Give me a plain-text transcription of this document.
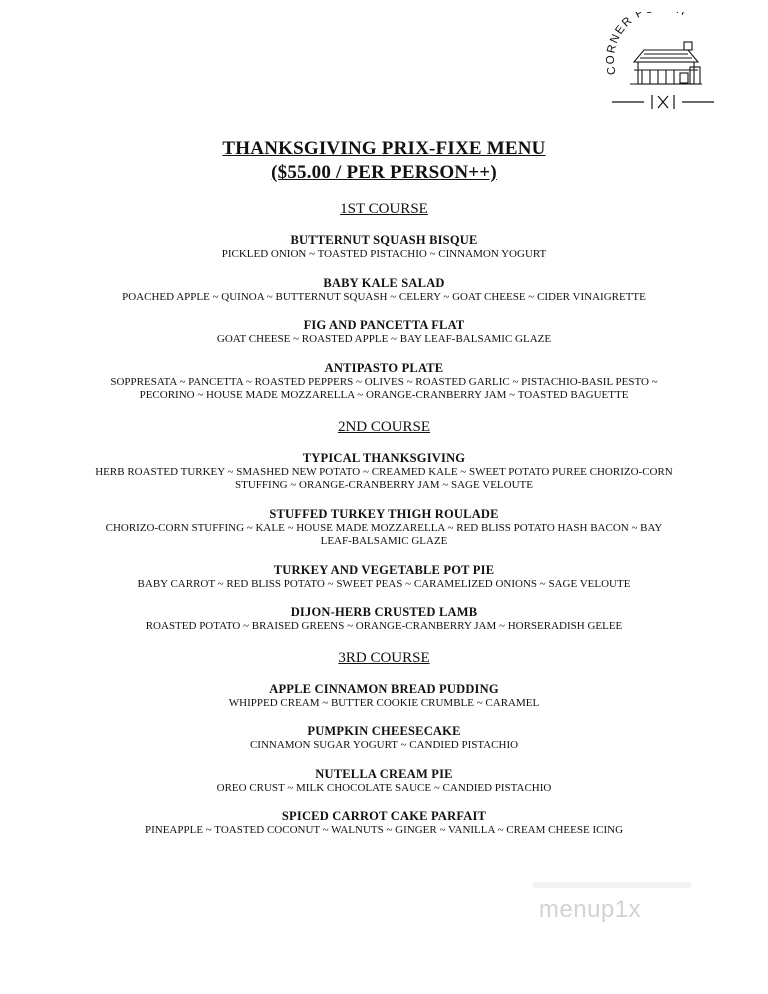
CORNER P
THANKSGIVING PRIX-FIXE MENU
($55.00 / PER PERSON++)
1ST COURSE
BUTTERNUT SQUASH BISQUE
PICKLED ONION ~ TOASTED PISTACHIO ~ CINNAMON YOGURT
BABY KALE SALAD
POACHED APPLE ~ QUINOA ~ BUTTERNUT SQUASH ~ CELERY ~ GOAT CHEESE ~ CIDER VINAIGRETTE
FIG AND PANCETTA FLAT
GOAT CHEESE ~ ROASTED APPLE ~ BAY LEAF-BALSAMIC GLAZE
ANTIPASTO PLATE
SOPPRESATA ~ PANCETTA ~ ROASTED PEPPERS ~ OLIVES ~ ROASTED GARLIC ~ PISTACHIO-BASIL PESTO ~ PECORINO ~ HOUSE MADE MOZZARELLA ~ ORANGE-CRANBERRY JAM ~ TOASTED BAGUETTE
2ND COURSE
TYPICAL THANKSGIVING
HERB ROASTED TURKEY ~ SMASHED NEW POTATO ~ CREAMED KALE ~ SWEET POTATO PUREE CHORIZO-CORN STUFFING ~ ORANGE-CRANBERRY JAM ~ SAGE VELOUTE
STUFFED TURKEY THIGH ROULADE
CHORIZO-CORN STUFFING ~ KALE ~ HOUSE MADE MOZZARELLA ~ RED BLISS POTATO HASH BACON ~ BAY LEAF-BALSAMIC GLAZE
TURKEY AND VEGETABLE POT PIE
BABY CARROT ~ RED BLISS POTATO ~ SWEET PEAS ~ CARAMELIZED ONIONS ~ SAGE VELOUTE
DIJON-HERB CRUSTED LAMB
ROASTED POTATO ~ BRAISED GREENS ~ ORANGE-CRANBERRY JAM ~ HORSERADISH GELEE
3RD COURSE
APPLE CINNAMON BREAD PUDDING
WHIPPED CREAM ~ BUTTER COOKIE CRUMBLE ~ CARAMEL
PUMPKIN CHEESECAKE
CINNAMON SUGAR YOGURT ~ CANDIED PISTACHIO
NUTELLA CREAM PIE
OREO CRUST ~ MILK CHOCOLATE SAUCE ~ CANDIED PISTACHIO
SPICED CARROT CAKE PARFAIT
PINEAPPLE ~ TOASTED COCONUT ~ WALNUTS ~ GINGER ~ VANILLA ~ CREAM CHEESE ICING
menup1x
